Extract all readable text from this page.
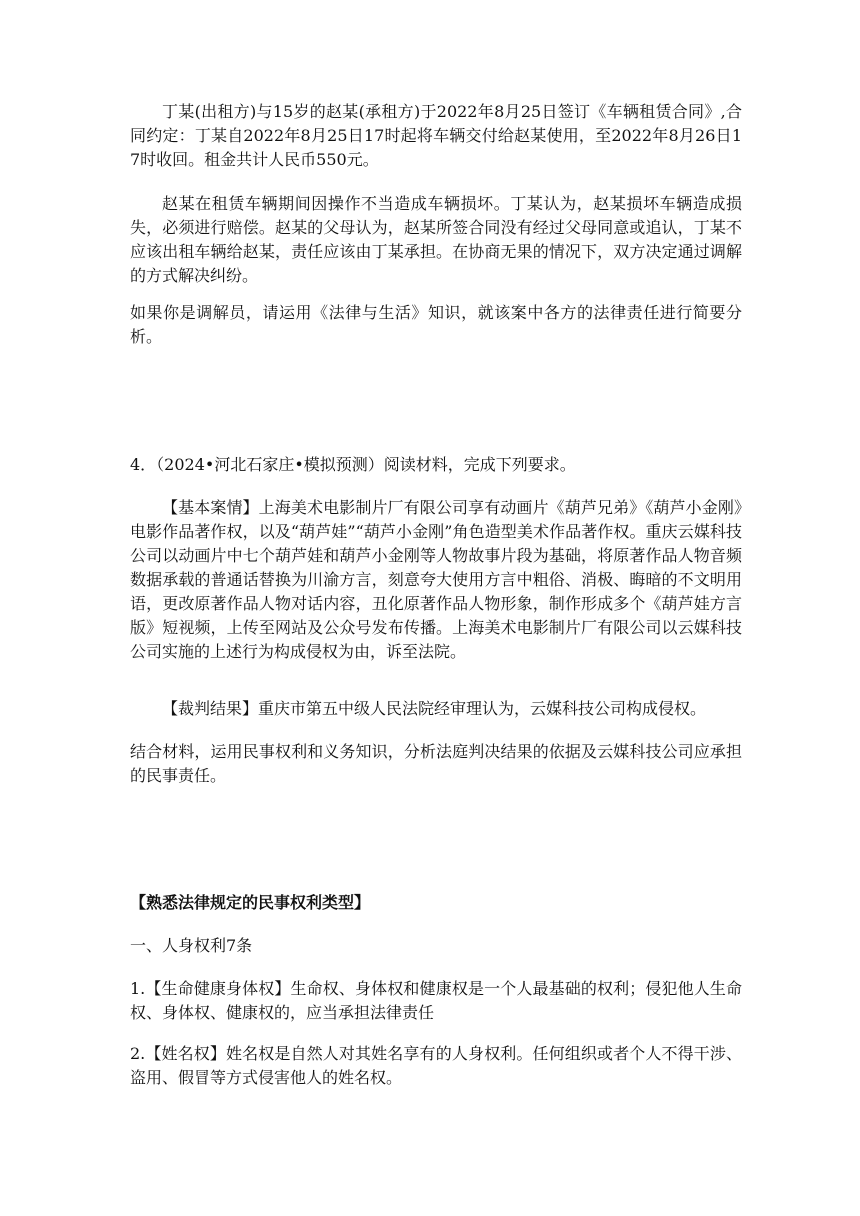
丁某(出租方)与15岁的赵某(承租方)于2022年8月25日签订《车辆租赁合同》,合同约定：丁某自2022年8月25日17时起将车辆交付给赵某使用，至2022年8月26日17时收回。租金共计人民币550元。

赵某在租赁车辆期间因操作不当造成车辆损坏。丁某认为，赵某损坏车辆造成损失，必须进行赔偿。赵某的父母认为，赵某所签合同没有经过父母同意或追认，丁某不应该出租车辆给赵某，责任应该由丁某承担。在协商无果的情况下，双方决定通过调解的方式解决纠纷。

如果你是调解员，请运用《法律与生活》知识，就该案中各方的法律责任进行简要分析。

4．（2024•河北石家庄•模拟预测）阅读材料，完成下列要求。

【基本案情】上海美术电影制片厂有限公司享有动画片《葫芦兄弟》《葫芦小金刚》电影作品著作权，以及“葫芦娃”“葫芦小金刚”角色造型美术作品著作权。重庆云媒科技公司以动画片中七个葫芦娃和葫芦小金刚等人物故事片段为基础，将原著作品人物音频数据承载的普通话替换为川渝方言，刻意夸大使用方言中粗俗、消极、晦暗的不文明用语，更改原著作品人物对话内容，丑化原著作品人物形象，制作形成多个《葫芦娃方言版》短视频，上传至网站及公众号发布传播。上海美术电影制片厂有限公司以云媒科技公司实施的上述行为构成侵权为由，诉至法院。

【裁判结果】重庆市第五中级人民法院经审理认为，云媒科技公司构成侵权。

结合材料，运用民事权利和义务知识，分析法庭判决结果的依据及云媒科技公司应承担的民事责任。

【熟悉法律规定的民事权利类型】

一、人身权利7条

1.【生命健康身体权】生命权、身体权和健康权是一个人最基础的权利；侵犯他人生命权、身体权、健康权的，应当承担法律责任

2.【姓名权】姓名权是自然人对其姓名享有的人身权利。任何组织或者个人不得干涉、盗用、假冒等方式侵害他人的姓名权。
